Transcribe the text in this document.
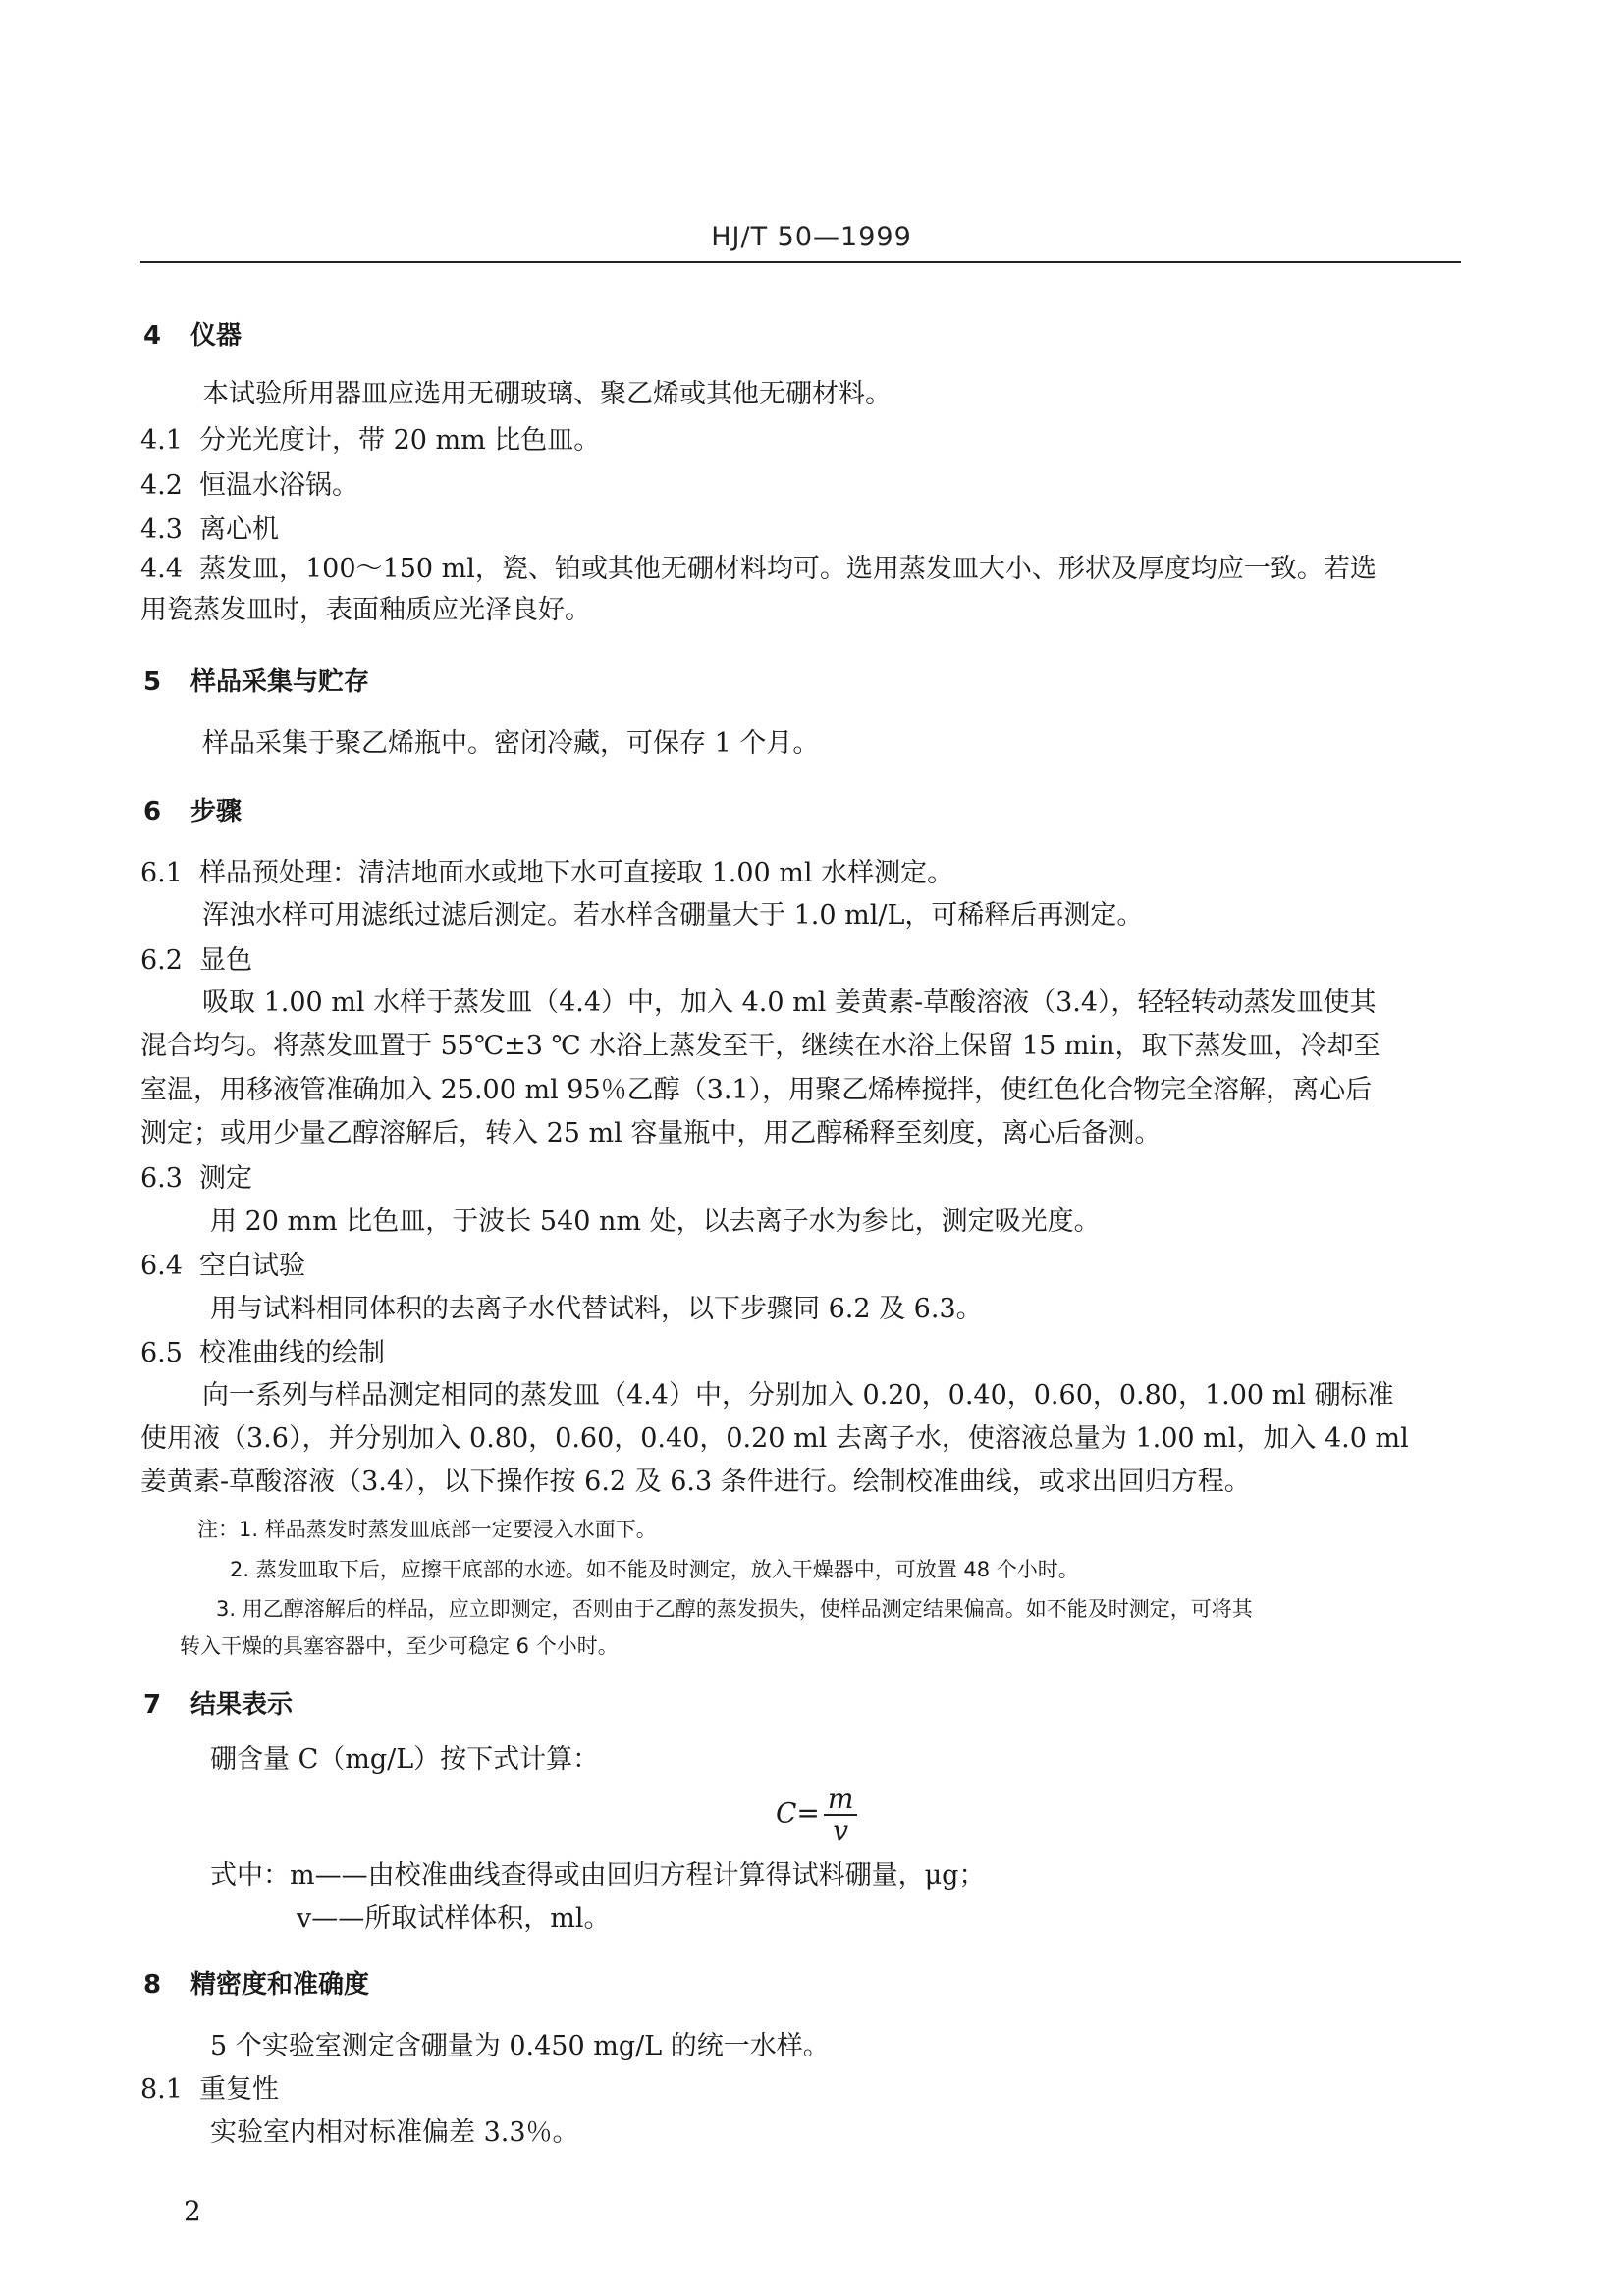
HJ/T 50—1999
4 仪器
本试验所用器皿应选用无硼玻璃、聚乙烯或其他无硼材料。
4.1 分光光度计，带 20 mm 比色皿。
4.2 恒温水浴锅。
4.3 离心机
4.4 蒸发皿，100～150 ml，瓷、铂或其他无硼材料均可。选用蒸发皿大小、形状及厚度均应一致。若选
用瓷蒸发皿时，表面釉质应光泽良好。
5 样品采集与贮存
样品采集于聚乙烯瓶中。密闭冷藏，可保存 1 个月。
6 步骤
6.1 样品预处理：清洁地面水或地下水可直接取 1.00 ml 水样测定。
浑浊水样可用滤纸过滤后测定。若水样含硼量大于 1.0 ml/L，可稀释后再测定。
6.2 显色
吸取 1.00 ml 水样于蒸发皿（4.4）中，加入 4.0 ml 姜黄素-草酸溶液（3.4），轻轻转动蒸发皿使其
混合均匀。将蒸发皿置于 55℃±3 ℃ 水浴上蒸发至干，继续在水浴上保留 15 min，取下蒸发皿，冷却至
室温，用移液管准确加入 25.00 ml 95％乙醇（3.1），用聚乙烯棒搅拌，使红色化合物完全溶解，离心后
测定；或用少量乙醇溶解后，转入 25 ml 容量瓶中，用乙醇稀释至刻度，离心后备测。
6.3 测定
用 20 mm 比色皿，于波长 540 nm 处，以去离子水为参比，测定吸光度。
6.4 空白试验
用与试料相同体积的去离子水代替试料，以下步骤同 6.2 及 6.3。
6.5 校准曲线的绘制
向一系列与样品测定相同的蒸发皿（4.4）中，分别加入 0.20，0.40，0.60，0.80，1.00 ml 硼标准
使用液（3.6），并分别加入 0.80，0.60，0.40，0.20 ml 去离子水，使溶液总量为 1.00 ml，加入 4.0 ml
姜黄素-草酸溶液（3.4），以下操作按 6.2 及 6.3 条件进行。绘制校准曲线，或求出回归方程。
注：1. 样品蒸发时蒸发皿底部一定要浸入水面下。
2. 蒸发皿取下后，应擦干底部的水迹。如不能及时测定，放入干燥器中，可放置 48 个小时。
3. 用乙醇溶解后的样品，应立即测定，否则由于乙醇的蒸发损失，使样品测定结果偏高。如不能及时测定，可将其
转入干燥的具塞容器中，至少可稳定 6 个小时。
7 结果表示
硼含量 C（mg/L）按下式计算：
$C= \frac{m}{v}$
式中：m——由校准曲线查得或由回归方程计算得试料硼量，μg；
v——所取试样体积，ml。
8 精密度和准确度
5 个实验室测定含硼量为 0.450 mg/L 的统一水样。
8.1 重复性
实验室内相对标准偏差 3.3％。
2
